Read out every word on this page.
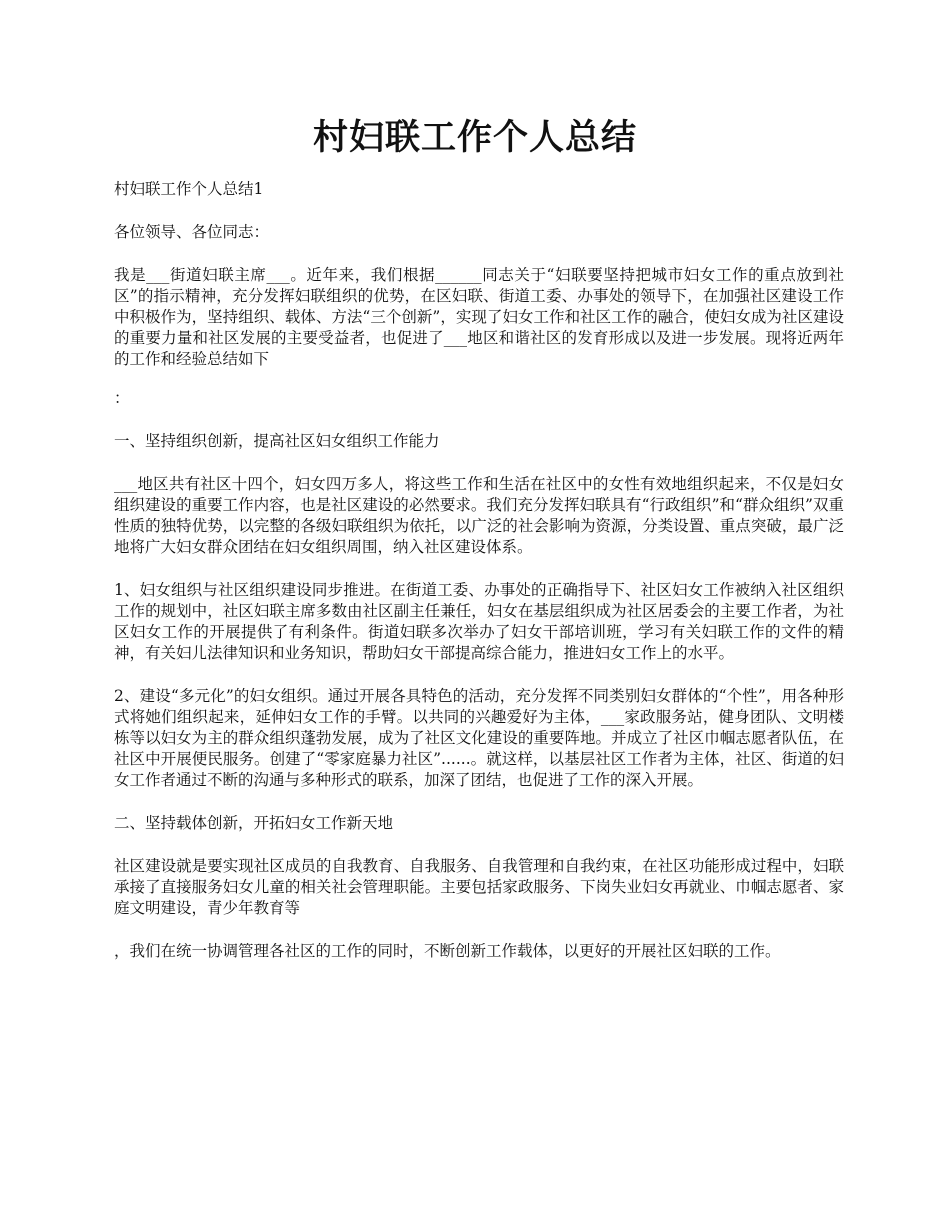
村妇联工作个人总结

村妇联工作个人总结1

各位领导、各位同志：

我是___街道妇联主席___。近年来，我们根据______同志关于“妇联要坚持把城市妇女工作的重点放到社区”的指示精神，充分发挥妇联组织的优势，在区妇联、街道工委、办事处的领导下，在加强社区建设工作中积极作为，坚持组织、载体、方法“三个创新”，实现了妇女工作和社区工作的融合，使妇女成为社区建设的重要力量和社区发展的主要受益者，也促进了___地区和谐社区的发育形成以及进一步发展。现将近两年的工作和经验总结如下

：

一、坚持组织创新，提高社区妇女组织工作能力

___地区共有社区十四个，妇女四万多人，将这些工作和生活在社区中的女性有效地组织起来，不仅是妇女组织建设的重要工作内容，也是社区建设的必然要求。我们充分发挥妇联具有“行政组织”和“群众组织”双重性质的独特优势，以完整的各级妇联组织为依托，以广泛的社会影响为资源，分类设置、重点突破，最广泛地将广大妇女群众团结在妇女组织周围，纳入社区建设体系。

1、妇女组织与社区组织建设同步推进。在街道工委、办事处的正确指导下、社区妇女工作被纳入社区组织工作的规划中，社区妇联主席多数由社区副主任兼任，妇女在基层组织成为社区居委会的主要工作者，为社区妇女工作的开展提供了有利条件。街道妇联多次举办了妇女干部培训班，学习有关妇联工作的文件的精神，有关妇儿法律知识和业务知识，帮助妇女干部提高综合能力，推进妇女工作上的水平。

2、建设“多元化”的妇女组织。通过开展各具特色的活动，充分发挥不同类别妇女群体的“个性”，用各种形式将她们组织起来，延伸妇女工作的手臂。以共同的兴趣爱好为主体，___家政服务站，健身团队、文明楼栋等以妇女为主的群众组织蓬勃发展，成为了社区文化建设的重要阵地。并成立了社区巾帼志愿者队伍，在社区中开展便民服务。创建了“零家庭暴力社区”......。就这样，以基层社区工作者为主体，社区、街道的妇女工作者通过不断的沟通与多种形式的联系，加深了团结，也促进了工作的深入开展。

二、坚持载体创新，开拓妇女工作新天地

社区建设就是要实现社区成员的自我教育、自我服务、自我管理和自我约束，在社区功能形成过程中，妇联承接了直接服务妇女儿童的相关社会管理职能。主要包括家政服务、下岗失业妇女再就业、巾帼志愿者、家庭文明建设，青少年教育等

，我们在统一协调管理各社区的工作的同时，不断创新工作载体，以更好的开展社区妇联的工作。
